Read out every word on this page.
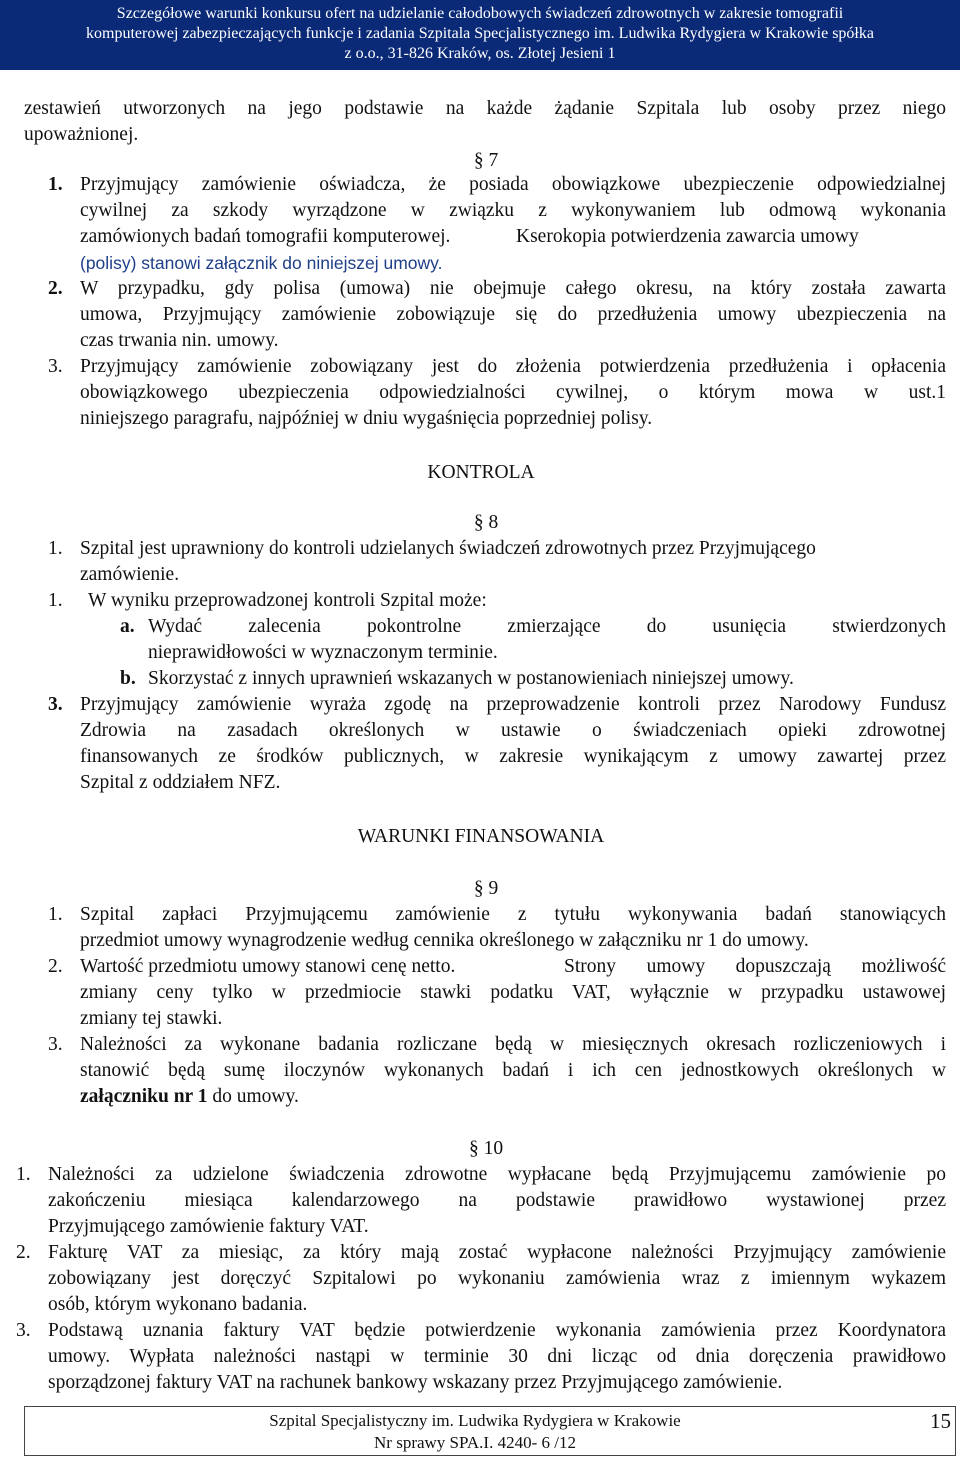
Szczegółowe warunki konkursu ofert na udzielanie całodobowych świadczeń zdrowotnych w zakresie tomografii
komputerowej zabezpieczających funkcje i zadania Szpitala Specjalistycznego im. Ludwika Rydygiera w Krakowie spółka
z o.o., 31-826 Kraków, os. Złotej Jesieni 1
zestawień utworzonych na jego podstawie na każde żądanie Szpitala lub osoby przez niego
upoważnionej.
§ 7
1. Przyjmujący zamówienie oświadcza, że posiada obowiązkowe ubezpieczenie odpowiedzialnej
cywilnej za szkody wyrządzone w związku z wykonywaniem lub odmową wykonania
zamówionych badań tomografii komputerowej.	Kserokopia potwierdzenia zawarcia umowy
(polisy) stanowi załącznik do niniejszej umowy.
2. W przypadku, gdy polisa (umowa) nie obejmuje całego okresu, na który została zawarta
umowa, Przyjmujący zamówienie zobowiązuje się do przedłużenia umowy ubezpieczenia na
czas trwania nin. umowy.
3. Przyjmujący zamówienie zobowiązany jest do złożenia potwierdzenia przedłużenia i opłacenia
obowiązkowego ubezpieczenia odpowiedzialności cywilnej, o którym mowa w ust.1
niniejszego paragrafu, najpóźniej w dniu wygaśnięcia poprzedniej polisy.
KONTROLA
§ 8
1. Szpital jest uprawniony do kontroli udzielanych świadczeń zdrowotnych przez Przyjmującego
zamówienie.
1. W wyniku przeprowadzonej kontroli Szpital może:
a. Wydać zalecenia pokontrolne zmierzające do usunięcia stwierdzonych
nieprawidłowości w wyznaczonym terminie.
b. Skorzystać z innych uprawnień wskazanych w postanowieniach niniejszej umowy.
3. Przyjmujący zamówienie wyraża zgodę na przeprowadzenie kontroli przez Narodowy Fundusz
Zdrowia na zasadach określonych w ustawie o świadczeniach opieki zdrowotnej
finansowanych ze środków publicznych, w zakresie wynikającym z umowy zawartej przez
Szpital z oddziałem NFZ.
WARUNKI FINANSOWANIA
§ 9
1. Szpital zapłaci Przyjmującemu zamówienie z tytułu wykonywania badań stanowiących
przedmiot umowy wynagrodzenie według cennika określonego w załączniku nr 1 do umowy.
2. Wartość przedmiotu umowy stanowi cenę netto.	Strony umowy dopuszczają możliwość
zmiany ceny tylko w przedmiocie stawki podatku VAT, wyłącznie w przypadku ustawowej
zmiany tej stawki.
3. Należności za wykonane badania rozliczane będą w miesięcznych okresach rozliczeniowych i
stanowić będą sumę iloczynów wykonanych badań i ich cen jednostkowych określonych w
załączniku nr 1 do umowy.
§ 10
1. Należności za udzielone świadczenia zdrowotne wypłacane będą Przyjmującemu zamówienie po
zakończeniu miesiąca kalendarzowego na podstawie prawidłowo wystawionej przez
Przyjmującego zamówienie faktury VAT.
2. Fakturę VAT za miesiąc, za który mają zostać wypłacone należności Przyjmujący zamówienie
zobowiązany jest doręczyć Szpitalowi po wykonaniu zamówienia wraz z imiennym wykazem
osób, którym wykonano badania.
3. Podstawą uznania faktury VAT będzie potwierdzenie wykonania zamówienia przez Koordynatora
umowy. Wypłata należności nastąpi w terminie 30 dni licząc od dnia doręczenia prawidłowo
sporządzonej faktury VAT na rachunek bankowy wskazany przez Przyjmującego zamówienie.
Szpital Specjalistyczny im. Ludwika Rydygiera w Krakowie
Nr sprawy SPA.I. 4240- 6 /12
15
